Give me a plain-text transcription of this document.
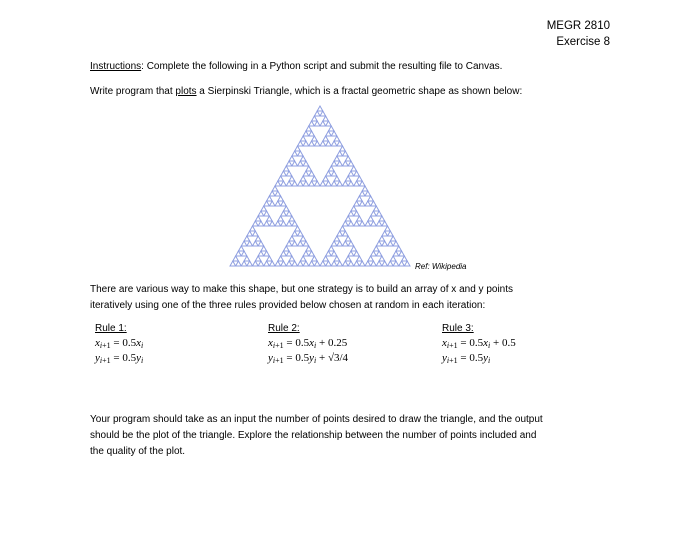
MEGR 2810
Exercise 8
Instructions: Complete the following in a Python script and submit the resulting file to Canvas.
Write program that plots a Sierpinski Triangle, which is a fractal geometric shape as shown below:
Ref: Wikipedia
There are various way to make this shape, but one strategy is to build an array of x and y points
iteratively using one of the three rules provided below chosen at random in each iteration:
Rule 1:
$x_{i+1} = 0.5x_i$
$y_{i+1} = 0.5y_i$
Rule 2:
$x_{i+1} = 0.5x_i + 0.25$
$y_{i+1} = 0.5y_i + √3/4$
Rule 3:
$x_{i+1} = 0.5x_i + 0.5$
$y_{i+1} = 0.5y_i$
Your program should take as an input the number of points desired to draw the triangle, and the output
should be the plot of the triangle. Explore the relationship between the number of points included and
the quality of the plot.
